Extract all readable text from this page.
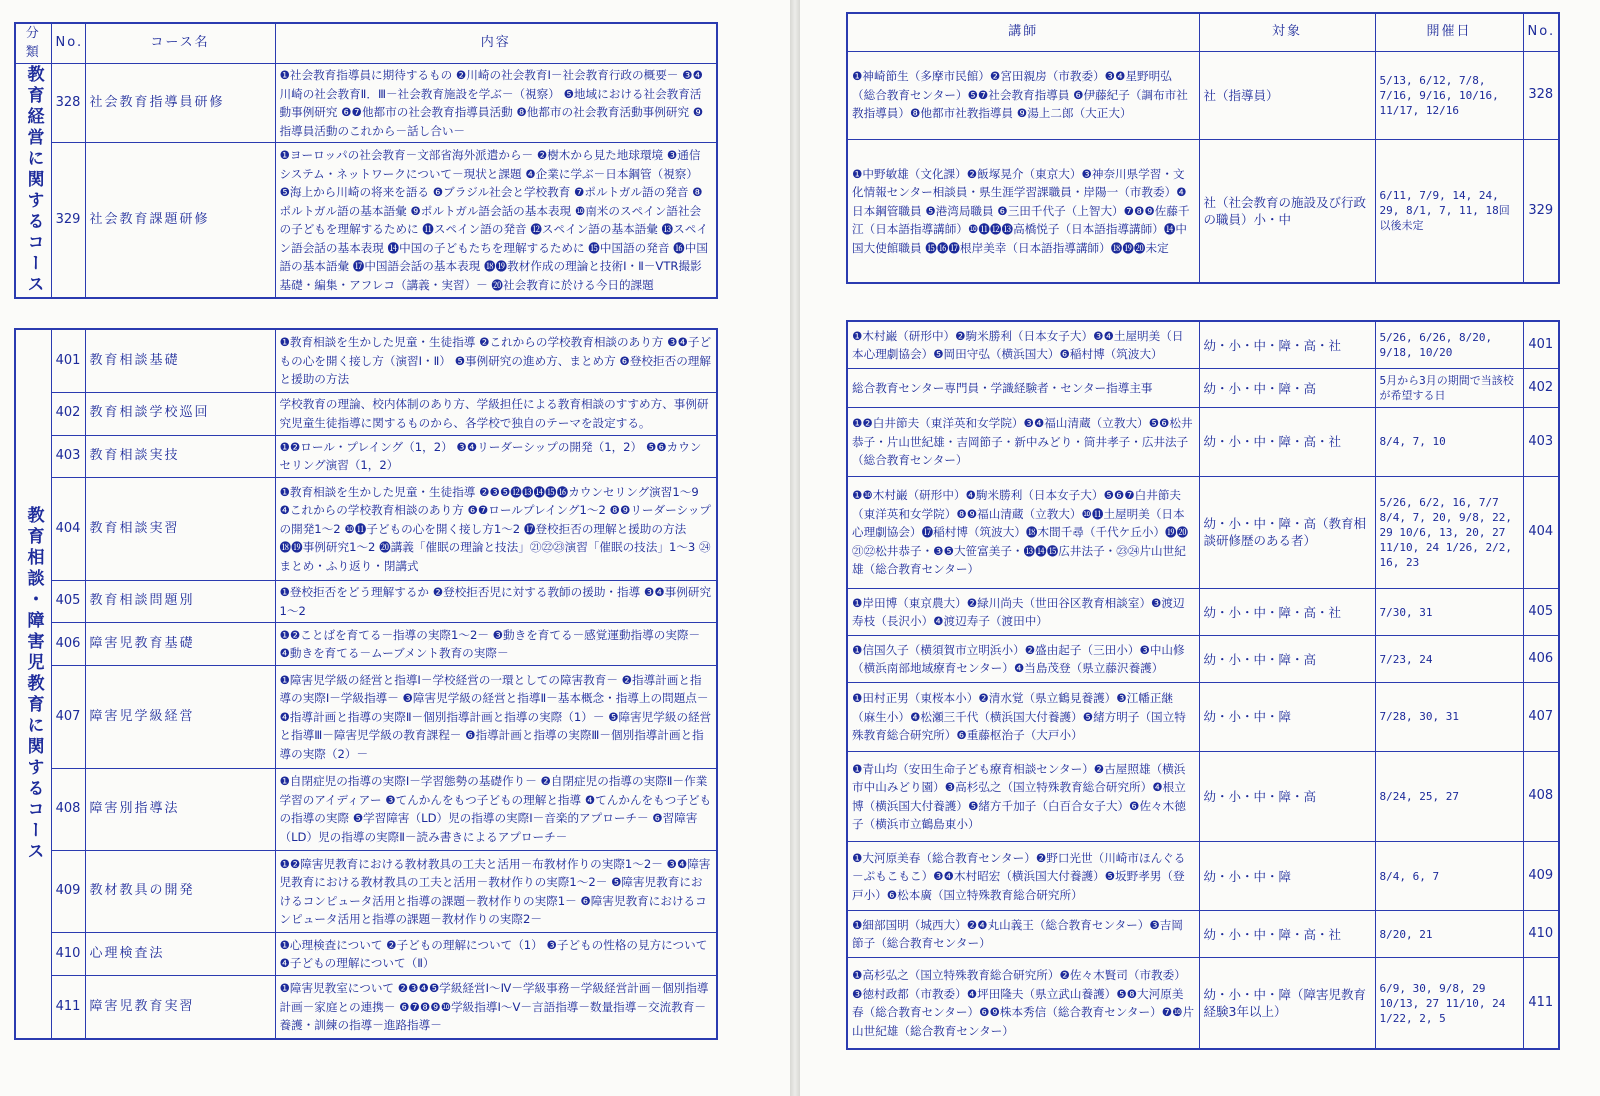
分類	No.	コース名	内容
教育経営に関するコース	328	社会教育指導員研修	❶社会教育指導員に期待するもの ❷川崎の社会教育Ⅰ－社会教育行政の概要－ ❸❹川崎の社会教育Ⅱ．Ⅲ－社会教育施設を学ぶ－（視察） ❺地域における社会教育活動事例研究 ❻❼他都市の社会教育指導員活動 ❽他都市の社会教育活動事例研究 ❾指導員活動のこれから－話し合い－
	329	社会教育課題研修	❶ヨーロッパの社会教育－文部省海外派遣から－ ❷樹木から見た地球環境 ❸通信システム・ネットワークについて－現状と課題 ❹企業に学ぶ－日本鋼管（視察） ❺海上から川崎の将来を語る ❻ブラジル社会と学校教育 ❼ポルトガル語の発音 ❽ポルトガル語の基本語彙 ❾ポルトガル語会話の基本表現 ❿南米のスペイン語社会の子どもを理解するために ⓫スペイン語の発音 ⓬スペイン語の基本語彙 ⓭スペイン語会話の基本表現 ⓮中国の子どもたちを理解するために ⓯中国語の発音 ⓰中国語の基本語彙 ⓱中国語会話の基本表現 ⓲⓳教材作成の理論と技術Ⅰ・Ⅱ－VTR撮影基礎・編集・アフレコ（講義・実習）－ ⓴社会教育に於ける今日的課題
教育相談・障害児教育に関するコース	401	教育相談基礎	❶教育相談を生かした児童・生徒指導 ❷これからの学校教育相談のあり方 ❸❹子どもの心を開く接し方（演習Ⅰ・Ⅱ） ❺事例研究の進め方、まとめ方 ❻登校拒否の理解と援助の方法
	402	教育相談学校巡回	学校教育の理論、校内体制のあり方、学級担任による教育相談のすすめ方、事例研究児童生徒指導に関するものから、各学校で独自のテーマを設定する。
	403	教育相談実技	❶❷ロール・プレイング（1，2） ❸❹リーダーシップの開発（1，2） ❺❻カウンセリング演習（1，2）
	404	教育相談実習	❶教育相談を生かした児童・生徒指導 ❷❸❺⓬⓭⓮⓯⓰カウンセリング演習1～9 ❹これからの学校教育相談のあり方 ❻❼ロールプレイング1～2 ❽❾リーダーシップの開発1～2 ❿⓫子どもの心を開く接し方1～2 ⓱登校拒否の理解と援助の方法 ⓲⓳事例研究1～2 ⓴講義「催眠の理論と技法」㉑㉒㉓演習「催眠の技法」1～3 ㉔まとめ・ふり返り・閉講式
	405	教育相談問題別	❶登校拒否をどう理解するか ❷登校拒否児に対する教師の援助・指導 ❸❹事例研究1～2
	406	障害児教育基礎	❶❷ことばを育てる－指導の実際1～2－ ❸動きを育てる－感覚運動指導の実際－ ❹動きを育てる－ムーブメント教育の実際－
	407	障害児学級経営	❶障害児学級の経営と指導Ⅰ－学校経営の一環としての障害教育－ ❷指導計画と指導の実際Ⅰ－学級指導－ ❸障害児学級の経営と指導Ⅱ－基本概念・指導上の問題点－ ❹指導計画と指導の実際Ⅱ－個別指導計画と指導の実際（1）－ ❺障害児学級の経営と指導Ⅲ－障害児学級の教育課程－ ❻指導計画と指導の実際Ⅲ－個別指導計画と指導の実際（2）－
	408	障害別指導法	❶自閉症児の指導の実際Ⅰ－学習態勢の基礎作り－ ❷自閉症児の指導の実際Ⅱ－作業学習のアイディアー ❸てんかんをもつ子どもの理解と指導 ❹てんかんをもつ子どもの指導の実際 ❺学習障害（LD）児の指導の実際Ⅰ－音楽的アプローチ－ ❻習障害（LD）児の指導の実際Ⅱ－読み書きによるアプローチ－
	409	教材教具の開発	❶❷障害児教育における教材教具の工夫と活用－布教材作りの実際1～2－ ❸❹障害児教育における教材教具の工夫と活用－教材作りの実際1～2－ ❺障害児教育におけるコンピュータ活用と指導の課題－教材作りの実際1－ ❻障害児教育におけるコンピュータ活用と指導の課題－教材作りの実際2－
	410	心理検査法	❶心理検査について ❷子どもの理解について（1） ❸子どもの性格の見方について ❹子どもの理解について（Ⅱ）
	411	障害児教育実習	❶障害児教室について ❷❸❹❺学級経営Ⅰ～Ⅳ－学級事務－学級経営計画－個別指導計画－家庭との連携－ ❻❼❽❾❿学級指導Ⅰ～Ⅴ－言語指導－数量指導－交流教育－養護・訓練の指導－進路指導－
講師	対象	開催日	No.
❶神崎節生（多摩市民館）❷宮田親房（市教委）❸❹星野明弘（総合教育センター）❺❼社会教育指導員 ❻伊藤紀子（調布市社教指導員）❽他都市社教指導員 ❾湯上二郎（大正大）	社（指導員）	5/13, 6/12, 7/8, 7/16, 9/16, 10/16, 11/17, 12/16	328
❶中野敏雄（文化課）❷飯塚晃介（東京大）❸神奈川県学習・文化情報センター相談員・県生涯学習課職員・岸陽一（市教委）❹日本鋼管職員 ❺港湾局職員 ❻三田千代子（上智大）❼❽❾佐藤千江（日本語指導講師）❿⓫⓬⓭高橋悦子（日本語指導講師）⓮中国大使館職員 ⓯⓰⓱根岸美幸（日本語指導講師）⓲⓳⓴未定	社（社会教育の施設及び行政の職員）小・中	6/11, 7/9, 14, 24, 29, 8/1, 7, 11, 18回以後未定	329
❶木村巌（研形中）❷駒米勝利（日本女子大）❸❹土屋明美（日本心理劇協会）❺岡田守弘（横浜国大）❻稲村博（筑波大）	幼・小・中・障・高・社	5/26, 6/26, 8/20, 9/18, 10/20	401
総合教育センター専門員・学識経験者・センター指導主事	幼・小・中・障・高	5月から3月の期間で当該校が希望する日	402
❶❷白井節夫（東洋英和女学院）❸❹福山清蔵（立教大）❺❻松井恭子・片山世紀雄・吉岡節子・新中みどり・筒井孝子・広井法子（総合教育センター）	幼・小・中・障・高・社	8/4, 7, 10	403
❶❿木村巌（研形中）❹駒米勝利（日本女子大）❺❻❼白井節夫（東洋英和女学院）❽❾福山清蔵（立教大）❿⓫土屋明美（日本心理劇協会）⓱稲村博（筑波大）⓲木間千尋（千代ケ丘小）⓳⓴㉑㉒松井恭子・❸❺大笹富美子・⓭⓮⓯広井法子・㉓㉔片山世紀雄（総合教育センター）	幼・小・中・障・高（教育相談研修歴のある者）	5/26, 6/2, 16, 7/7 8/4, 7, 20, 9/8, 22, 29 10/6, 13, 20, 27 11/10, 24 1/26, 2/2, 16, 23	404
❶岸田博（東京農大）❷緑川尚夫（世田谷区教育相談室）❸渡辺寿枝（長沢小）❹渡辺寿子（渡田中）	幼・小・中・障・高・社	7/30, 31	405
❶信国久子（横須賀市立明浜小）❷盛由起子（三田小）❸中山修（横浜南部地域療育センター）❹当島茂登（県立藤沢養護）	幼・小・中・障・高	7/23, 24	406
❶田村正男（東桜本小）❷清水覚（県立鶴見養護）❸江幡正継（麻生小）❹松瀬三千代（横浜国大付養護）❺緒方明子（国立特殊教育総合研究所）❻重藤枢治子（大戸小）	幼・小・中・障	7/28, 30, 31	407
❶青山均（安田生命子ども療育相談センター）❷古屋照雄（横浜市中山みどり園）❸高杉弘之（国立特殊教育総合研究所）❹根立博（横浜国大付養護）❺緒方千加子（白百合女子大）❻佐々木徳子（横浜市立鶴島東小）	幼・小・中・障・高	8/24, 25, 27	408
❶大河原美春（総合教育センター）❷野口光世（川崎市ほんぐる－ぷもこもこ）❸❹木村昭宏（横浜国大付養護）❺坂野孝男（登戸小）❻松本廣（国立特殊教育総合研究所）	幼・小・中・障	8/4, 6, 7	409
❶細部国明（城西大）❷❹丸山義王（総合教育センター）❸吉岡節子（総合教育センター）	幼・小・中・障・高・社	8/20, 21	410
❶高杉弘之（国立特殊教育総合研究所）❷佐々木賢司（市教委）❸徳村政都（市教委）❹坪田隆夫（県立武山養護）❺❽大河原美春（総合教育センター）❻❾株本秀信（総合教育センター）❼❿片山世紀雄（総合教育センター）	幼・小・中・障（障害児教育経験3年以上）	6/9, 30, 9/8, 29 10/13, 27 11/10, 24 1/22, 2, 5	411
